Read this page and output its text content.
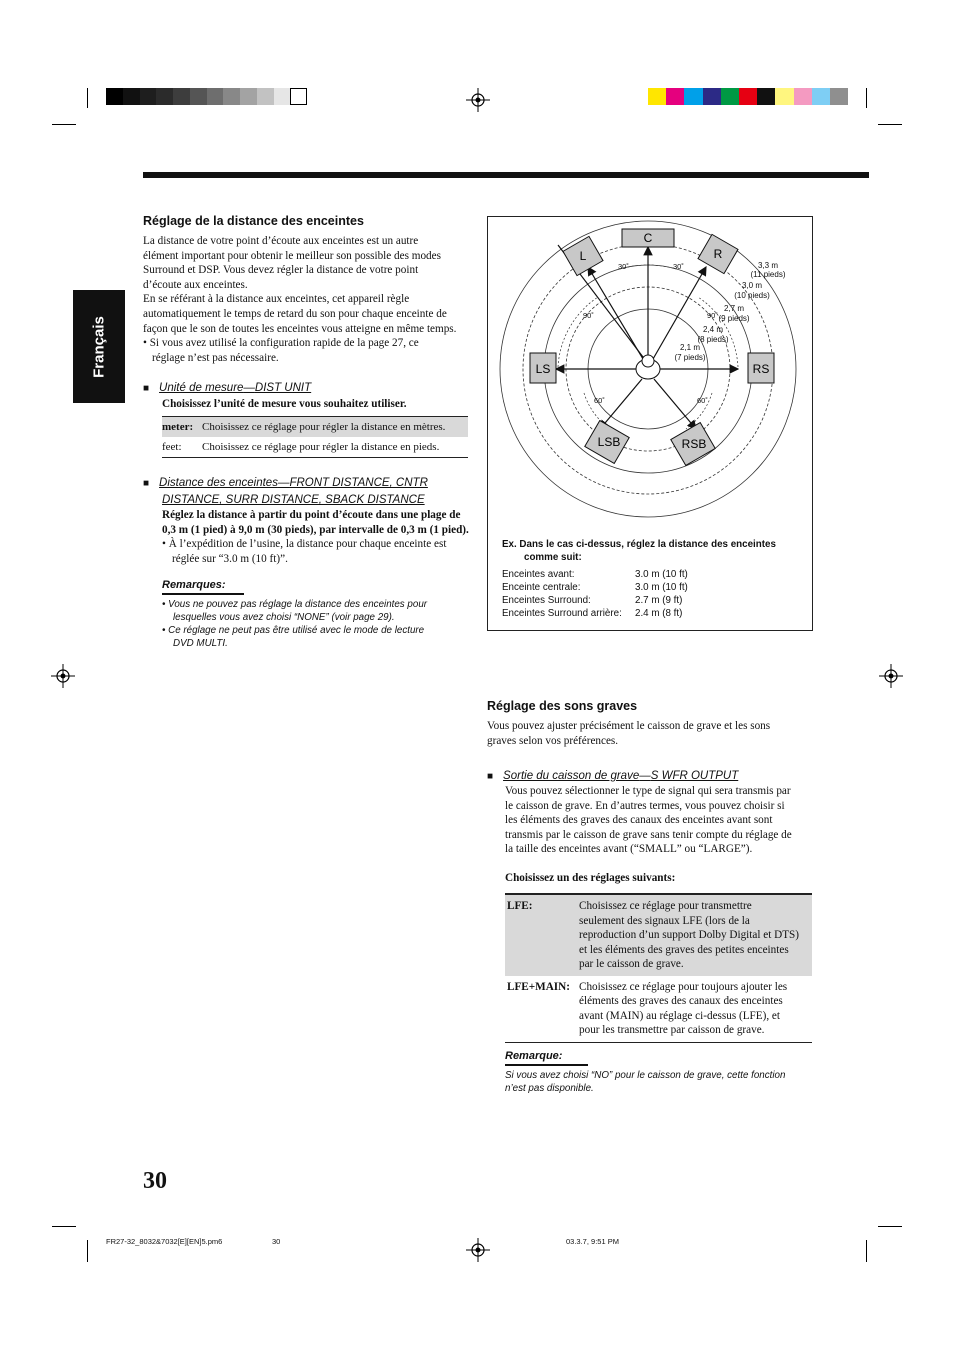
Français
Réglage de la distance des enceintes

La distance de votre point d’écoute aux enceintes est un autre

élément important pour obtenir le meilleur son possible des modes

Surround et DSP. Vous devez régler la distance de votre point

d’écoute aux enceintes.

En se référant à la distance aux enceintes, cet appareil règle

automatiquement le temps de retard du son pour chaque enceinte de

façon que le son de toutes les enceintes vous atteigne en même temps.

• Si vous avez utilisé la configuration rapide de la page 27, ce

réglage n’est pas nécessaire.

■ Unité de mesure—DIST UNIT

Choisissez l’unité de mesure vous souhaitez utiliser.

meter: Choisissez ce réglage pour régler la distance en mètres.
feet:	Choisissez ce réglage pour régler la distance en pieds.
■ Distance des enceintes—FRONT DISTANCE, CNTR
DISTANCE, SURR DISTANCE, SBACK DISTANCE

Réglez la distance à partir du point d’écoute dans une plage de

0,3 m (1 pied) à 9,0 m (30 pieds), par intervalle de 0,3 m (1 pied).

• À l’expédition de l’usine, la distance pour chaque enceinte est

réglée sur “3.0 m (10 ft)”.

Remarques:

• Vous ne pouvez pas réglage la distance des enceintes pour

lesquelles vous avez choisi “NONE” (voir page 29).

• Ce réglage ne peut pas être utilisé avec le mode de lecture

DVD MULTI.

C
L	R
LS	RS
LSB	RSB
30˚	30˚
90˚	90˚
60˚	60˚
3,3 m
(11 pieds)
3,0 m
(10 pieds)
2,7 m
(9 pieds)
2,4 m
(8 pieds)
2,1 m
(7 pieds)

Ex. Dans le cas ci-dessus, réglez la distance des enceintes

comme suit:

Enceintes avant:	3.0 m (10 ft)
Enceinte centrale:	3.0 m (10 ft)
Enceintes Surround:	2.7 m (9 ft)
Enceintes Surround arrière:	2.4 m (8 ft)
Réglage des sons graves

Vous pouvez ajuster précisément le caisson de grave et les sons

graves selon vos préférences.

■ Sortie du caisson de grave—S WFR OUTPUT

Vous pouvez sélectionner le type de signal qui sera transmis par

le caisson de grave. En d’autres termes, vous pouvez choisir si

les éléments des graves des canaux des enceintes avant sont

transmis par le caisson de grave sans tenir compte du réglage de

la taille des enceintes avant (“SMALL” ou “LARGE”).

Choisissez un des réglages suivants:

LFE:	Choisissez ce réglage pour transmettre

seulement des signaux LFE (lors de la

reproduction d’un support Dolby Digital et DTS)

et les éléments des graves des petites enceintes

par le caisson de grave.

LFE+MAIN: Choisissez ce réglage pour toujours ajouter les

éléments des graves des canaux des enceintes

avant (MAIN) au réglage ci-dessus (LFE), et

pour les transmettre par caisson de grave.

Remarque:

Si vous avez choisi “NO” pour le caisson de grave, cette fonction

n’est pas disponible.

30
FR27-32_8032&7032[E][EN]5.pm6	30	03.3.7, 9:51 PM
